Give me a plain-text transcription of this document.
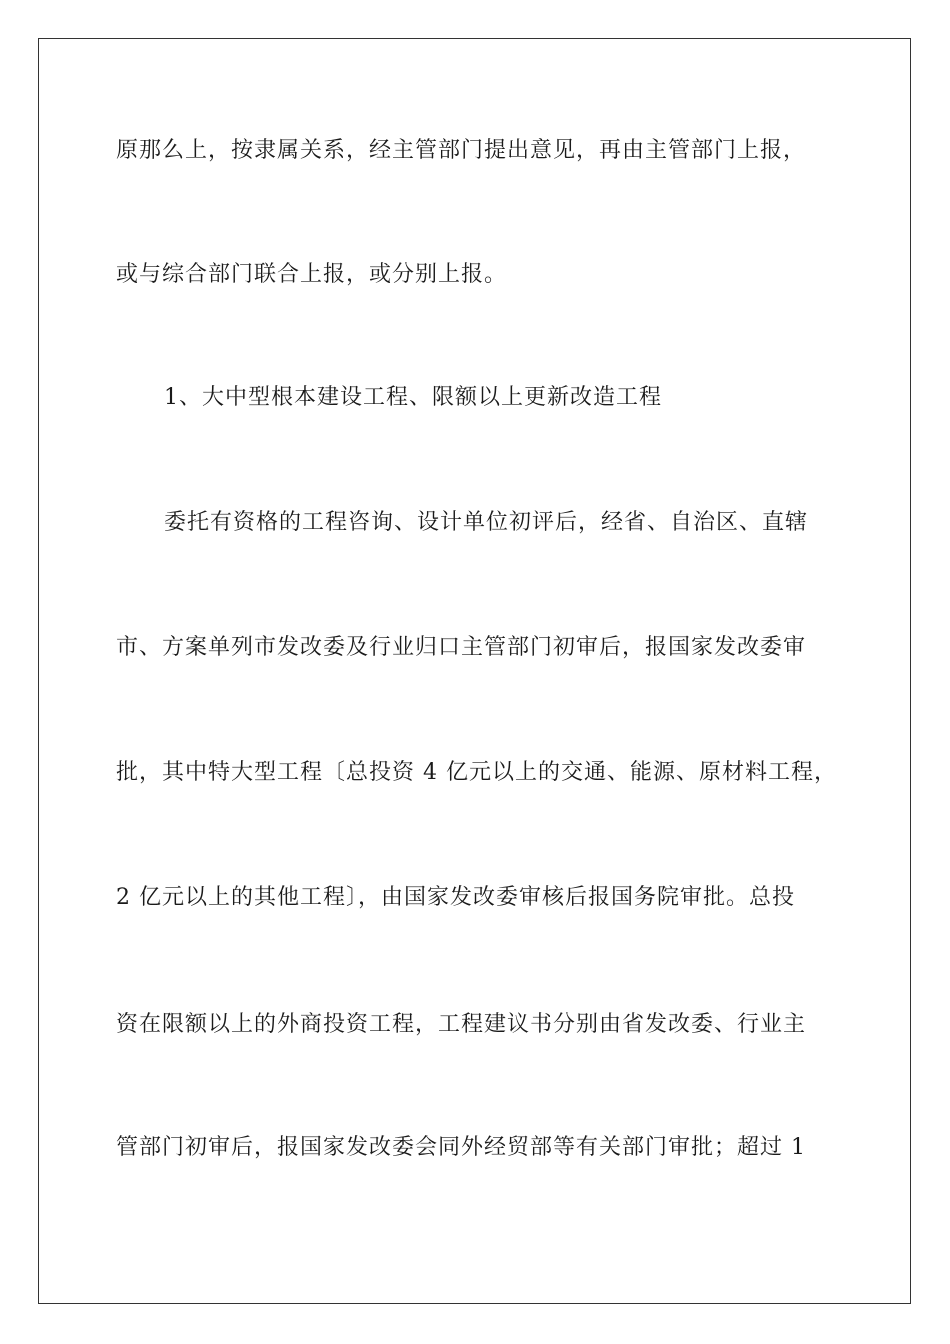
原那么上，按隶属关系，经主管部门提出意见，再由主管部门上报，
或与综合部门联合上报，或分别上报。
1、大中型根本建设工程、限额以上更新改造工程
委托有资格的工程咨询、设计单位初评后，经省、自治区、直辖
市、方案单列市发改委及行业归口主管部门初审后，报国家发改委审
批，其中特大型工程〔总投资 4 亿元以上的交通、能源、原材料工程，
2 亿元以上的其他工程〕，由国家发改委审核后报国务院审批。总投
资在限额以上的外商投资工程，工程建议书分别由省发改委、行业主
管部门初审后，报国家发改委会同外经贸部等有关部门审批；超过 1
